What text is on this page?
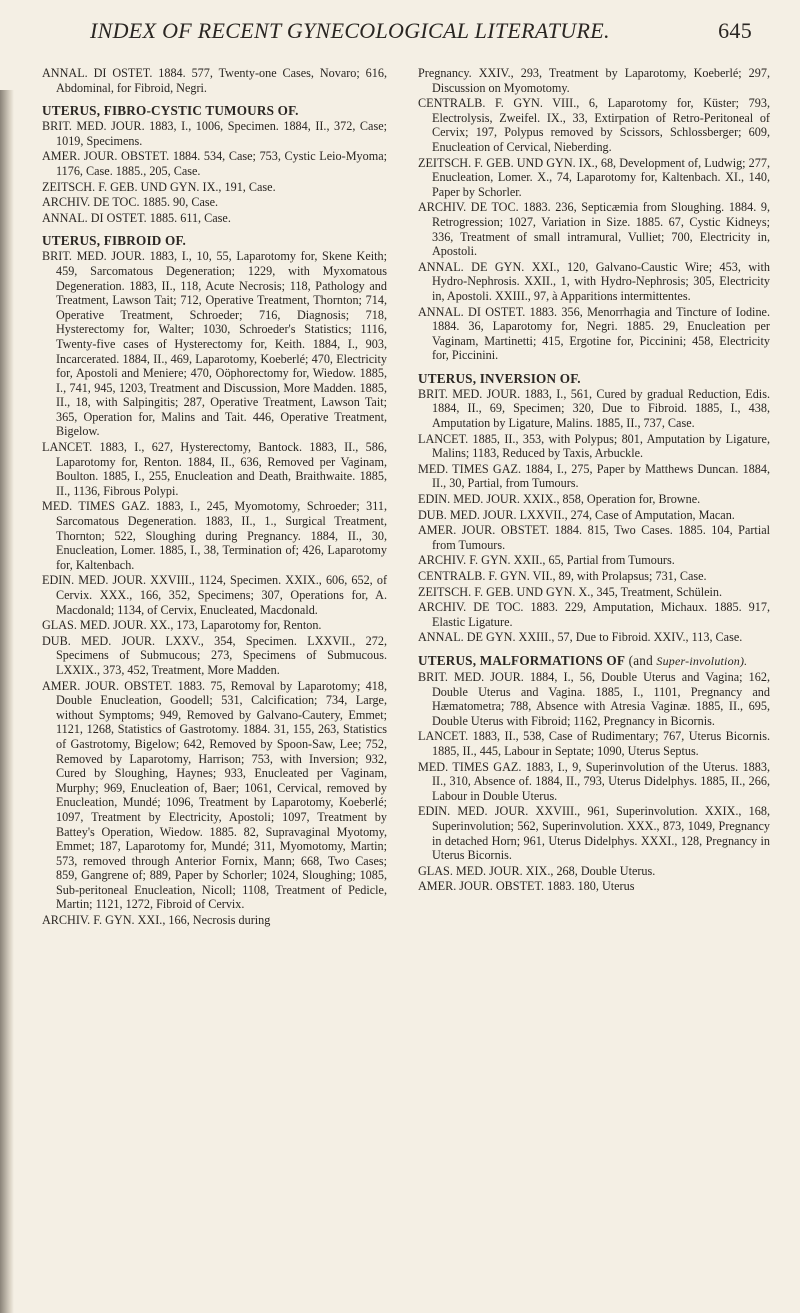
INDEX OF RECENT GYNECOLOGICAL LITERATURE.	645
ANNAL. DI OSTET. 1884. 577, Twenty-one Cases, Novaro; 616, Abdominal, for Fibroid, Negri.
UTERUS, FIBRO-CYSTIC TUMOURS OF.
BRIT. MED. JOUR. 1883, I., 1006, Specimen. 1884, II., 372, Case; 1019, Specimens.
AMER. JOUR. OBSTET. 1884. 534, Case; 753, Cystic Leio-Myoma; 1176, Case. 1885., 205, Case.
ZEITSCH. F. GEB. UND GYN. IX., 191, Case.
ARCHIV. DE TOC. 1885. 90, Case.
ANNAL. DI OSTET. 1885. 611, Case.
UTERUS, FIBROID OF.
BRIT. MED. JOUR. 1883, I., 10, 55, Laparotomy for, Skene Keith; 459, Sarcomatous Degeneration; 1229, with Myxomatous Degeneration. 1883, II., 118, Acute Necrosis; 118, Pathology and Treatment, Lawson Tait; 712, Operative Treatment, Thornton; 714, Operative Treatment, Schroeder; 716, Diagnosis; 718, Hysterectomy for, Walter; 1030, Schroeder's Statistics; 1116, Twenty-five cases of Hysterectomy for, Keith. 1884, I., 903, Incarcerated. 1884, II., 469, Laparotomy, Koeberlé; 470, Electricity for, Apostoli and Meniere; 470, Oöphorectomy for, Wiedow. 1885, I., 741, 945, 1203, Treatment and Discussion, More Madden. 1885, II., 18, with Salpingitis; 287, Operative Treatment, Lawson Tait; 365, Operation for, Malins and Tait. 446, Operative Treatment, Bigelow.
LANCET. 1883, I., 627, Hysterectomy, Bantock. 1883, II., 586, Laparotomy for, Renton. 1884, II., 636, Removed per Vaginam, Boulton. 1885, I., 255, Enucleation and Death, Braithwaite. 1885, II., 1136, Fibrous Polypi.
MED. TIMES GAZ. 1883, I., 245, Myomotomy, Schroeder; 311, Sarcomatous Degeneration. 1883, II., 1., Surgical Treatment, Thornton; 522, Sloughing during Pregnancy. 1884, II., 30, Enucleation, Lomer. 1885, I., 38, Termination of; 426, Laparotomy for, Kaltenbach.
EDIN. MED. JOUR. XXVIII., 1124, Specimen. XXIX., 606, 652, of Cervix. XXX., 166, 352, Specimens; 307, Operations for, A. Macdonald; 1134, of Cervix, Enucleated, Macdonald.
GLAS. MED. JOUR. XX., 173, Laparotomy for, Renton.
DUB. MED. JOUR. LXXV., 354, Specimen. LXXVII., 272, Specimens of Submucous; 273, Specimens of Submucous. LXXIX., 373, 452, Treatment, More Madden.
AMER. JOUR. OBSTET. 1883. 75, Removal by Laparotomy; 418, Double Enucleation, Goodell; 531, Calcification; 734, Large, without Symptoms; 949, Removed by Galvano-Cautery, Emmet; 1121, 1268, Statistics of Gastrotomy. 1884. 31, 155, 263, Statistics of Gastrotomy, Bigelow; 642, Removed by Spoon-Saw, Lee; 752, Removed by Laparotomy, Harrison; 753, with Inversion; 932, Cured by Sloughing, Haynes; 933, Enucleated per Vaginam, Murphy; 969, Enucleation of, Baer; 1061, Cervical, removed by Enucleation, Mundé; 1096, Treatment by Laparotomy, Koeberlé; 1097, Treatment by Electricity, Apostoli; 1097, Treatment by Battey's Operation, Wiedow. 1885. 82, Supravaginal Myotomy, Emmet; 187, Laparotomy for, Mundé; 311, Myomotomy, Martin; 573, removed through Anterior Fornix, Mann; 668, Two Cases; 859, Gangrene of; 889, Paper by Schorler; 1024, Sloughing; 1085, Sub-peritoneal Enucleation, Nicoll; 1108, Treatment of Pedicle, Martin; 1121, 1272, Fibroid of Cervix.
ARCHIV. F. GYN. XXI., 166, Necrosis during
Pregnancy. XXIV., 293, Treatment by Laparotomy, Koeberlé; 297, Discussion on Myomotomy.
CENTRALB. F. GYN. VIII., 6, Laparotomy for, Küster; 793, Electrolysis, Zweifel. IX., 33, Extirpation of Retro-Peritoneal of Cervix; 197, Polypus removed by Scissors, Schlossberger; 609, Enucleation of Cervical, Nieberding.
ZEITSCH. F. GEB. UND GYN. IX., 68, Development of, Ludwig; 277, Enucleation, Lomer. X., 74, Laparotomy for, Kaltenbach. XI., 140, Paper by Schorler.
ARCHIV. DE TOC. 1883. 236, Septicæmia from Sloughing. 1884. 9, Retrogression; 1027, Variation in Size. 1885. 67, Cystic Kidneys; 336, Treatment of small intramural, Vulliet; 700, Electricity in, Apostoli.
ANNAL. DE GYN. XXI., 120, Galvano-Caustic Wire; 453, with Hydro-Nephrosis. XXII., 1, with Hydro-Nephrosis; 305, Electricity in, Apostoli. XXIII., 97, à Apparitions intermittentes.
ANNAL. DI OSTET. 1883. 356, Menorrhagia and Tincture of Iodine. 1884. 36, Laparotomy for, Negri. 1885. 29, Enucleation per Vaginam, Martinetti; 415, Ergotine for, Piccinini; 458, Electricity for, Piccinini.
UTERUS, INVERSION OF.
BRIT. MED. JOUR. 1883, I., 561, Cured by gradual Reduction, Edis. 1884, II., 69, Specimen; 320, Due to Fibroid. 1885, I., 438, Amputation by Ligature, Malins. 1885, II., 737, Case.
LANCET. 1885, II., 353, with Polypus; 801, Amputation by Ligature, Malins; 1183, Reduced by Taxis, Arbuckle.
MED. TIMES GAZ. 1884, I., 275, Paper by Matthews Duncan. 1884, II., 30, Partial, from Tumours.
EDIN. MED. JOUR. XXIX., 858, Operation for, Browne.
DUB. MED. JOUR. LXXVII., 274, Case of Amputation, Macan.
AMER. JOUR. OBSTET. 1884. 815, Two Cases. 1885. 104, Partial from Tumours.
ARCHIV. F. GYN. XXII., 65, Partial from Tumours.
CENTRALB. F. GYN. VII., 89, with Prolapsus; 731, Case.
ZEITSCH. F. GEB. UND GYN. X., 345, Treatment, Schülein.
ARCHIV. DE TOC. 1883. 229, Amputation, Michaux. 1885. 917, Elastic Ligature.
ANNAL. DE GYN. XXIII., 57, Due to Fibroid. XXIV., 113, Case.
UTERUS, MALFORMATIONS OF (and Super-involution).
BRIT. MED. JOUR. 1884, I., 56, Double Uterus and Vagina; 162, Double Uterus and Vagina. 1885, I., 1101, Pregnancy and Hæmatometra; 788, Absence with Atresia Vaginæ. 1885, II., 695, Double Uterus with Fibroid; 1162, Pregnancy in Bicornis.
LANCET. 1883, II., 538, Case of Rudimentary; 767, Uterus Bicornis. 1885, II., 445, Labour in Septate; 1090, Uterus Septus.
MED. TIMES GAZ. 1883, I., 9, Superinvolution of the Uterus. 1883, II., 310, Absence of. 1884, II., 793, Uterus Didelphys. 1885, II., 266, Labour in Double Uterus.
EDIN. MED. JOUR. XXVIII., 961, Superinvolution. XXIX., 168, Superinvolution; 562, Superinvolution. XXX., 873, 1049, Pregnancy in detached Horn; 961, Uterus Didelphys. XXXI., 128, Pregnancy in Uterus Bicornis.
GLAS. MED. JOUR. XIX., 268, Double Uterus.
AMER. JOUR. OBSTET. 1883. 180, Uterus
